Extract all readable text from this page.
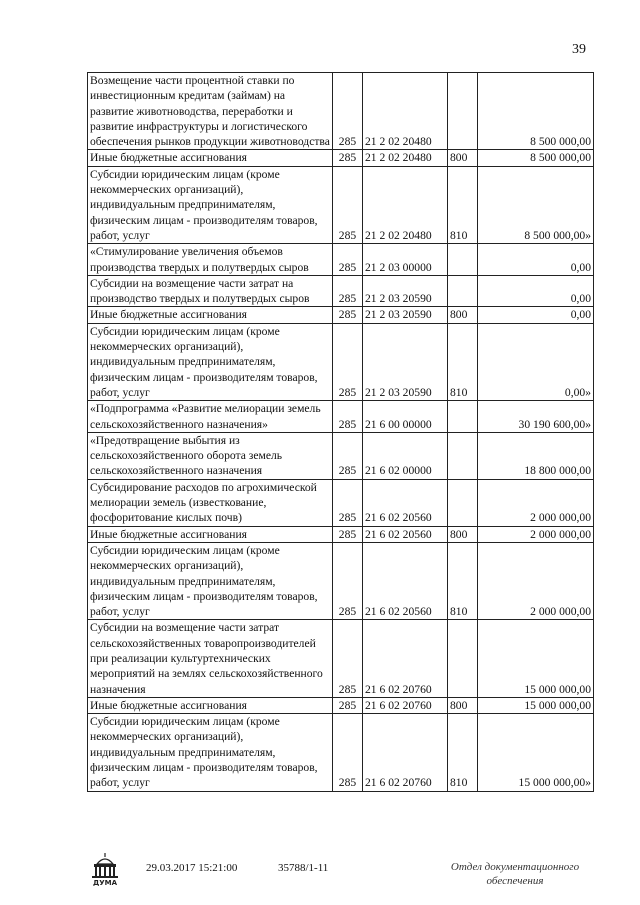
39
Возмещение части процентной ставки по инвестиционным кредитам (займам) на развитие животноводства, переработки и развитие инфраструктуры и логистического обеспечения рынков продукции животноводства	285	21 2 02 20480		8 500 000,00
Иные бюджетные ассигнования	285	21 2 02 20480	800	8 500 000,00
Субсидии юридическим лицам (кроме некоммерческих организаций), индивидуальным предпринимателям, физическим лицам - производителям товаров, работ, услуг	285	21 2 02 20480	810	8 500 000,00»
«Стимулирование увеличения объемов производства твердых и полутвердых сыров	285	21 2 03 00000		0,00
Субсидии на возмещение части затрат на производство твердых и полутвердых сыров	285	21 2 03 20590		0,00
Иные бюджетные ассигнования	285	21 2 03 20590	800	0,00
Субсидии юридическим лицам (кроме некоммерческих организаций), индивидуальным предпринимателям, физическим лицам - производителям товаров, работ, услуг	285	21 2 03 20590	810	0,00»
«Подпрограмма «Развитие мелиорации земель сельскохозяйственного назначения»	285	21 6 00 00000		30 190 600,00»
«Предотвращение выбытия из сельскохозяйственного оборота земель сельскохозяйственного назначения	285	21 6 02 00000		18 800 000,00
Субсидирование расходов по агрохимической мелиорации земель (известкование, фосфоритование кислых почв)	285	21 6 02 20560		2 000 000,00
Иные бюджетные ассигнования	285	21 6 02 20560	800	2 000 000,00
Субсидии юридическим лицам (кроме некоммерческих организаций), индивидуальным предпринимателям, физическим лицам - производителям товаров, работ, услуг	285	21 6 02 20560	810	2 000 000,00
Субсидии на возмещение части затрат сельскохозяйственных товаропроизводителей при реализации культуртехнических мероприятий на землях сельскохозяйственного назначения	285	21 6 02 20760		15 000 000,00
Иные бюджетные ассигнования	285	21 6 02 20760	800	15 000 000,00
Субсидии юридическим лицам (кроме некоммерческих организаций), индивидуальным предпринимателям, физическим лицам - производителям товаров, работ, услуг	285	21 6 02 20760	810	15 000 000,00»
ДУМА
29.03.2017 15:21:00	35788/1-11	Отдел документационного обеспечения
